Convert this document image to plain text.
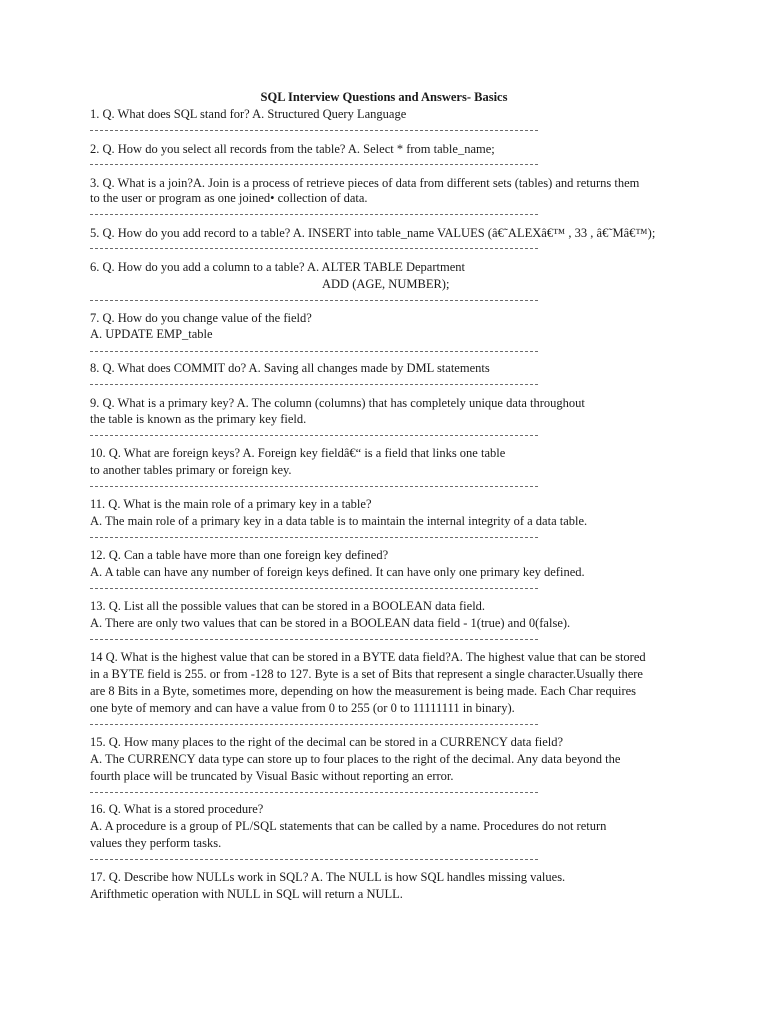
SQL Interview Questions and Answers- Basics
1. Q. What does SQL stand for? A. Structured Query Language
2. Q. How do you select all records from the table? A. Select * from table_name;
3. Q. What is a join?A. Join is a process of retrieve pieces of data from different sets (tables) and returns them
to the user or program as one joined• collection of data.
5. Q. How do you add record to a table? A. INSERT into table_name VALUES (â€˜ALEXâ€™ , 33 , â€˜Mâ€™);
6. Q. How do you add a column to a table? A. ALTER TABLE Department
ADD (AGE, NUMBER);
7. Q. How do you change value of the field?
A. UPDATE EMP_table
8. Q. What does COMMIT do? A. Saving all changes made by DML statements
9. Q. What is a primary key? A. The column (columns) that has completely unique data throughout
the table is known as the primary key field.
10. Q. What are foreign keys? A. Foreign key fieldâ€“ is a field that links one table
to another tables primary or foreign key.
11. Q. What is the main role of a primary key in a table?
A. The main role of a primary key in a data table is to maintain the internal integrity of a data table.
12. Q. Can a table have more than one foreign key defined?
A. A table can have any number of foreign keys defined. It can have only one primary key defined.
13. Q. List all the possible values that can be stored in a BOOLEAN data field.
A. There are only two values that can be stored in a BOOLEAN data field - 1(true) and 0(false).
14 Q. What is the highest value that can be stored in a BYTE data field?A. The highest value that can be stored
in a BYTE field is 255. or from -128 to 127. Byte is a set of Bits that represent a single character.Usually there
are 8 Bits in a Byte, sometimes more, depending on how the measurement is being made. Each Char requires
one byte of memory and can have a value from 0 to 255 (or 0 to 11111111 in binary).
15. Q. How many places to the right of the decimal can be stored in a CURRENCY data field?
A. The CURRENCY data type can store up to four places to the right of the decimal. Any data beyond the
fourth place will be truncated by Visual Basic without reporting an error.
16. Q. What is a stored procedure?
A. A procedure is a group of PL/SQL statements that can be called by a name. Procedures do not return
values they perform tasks.
17. Q. Describe how NULLs work in SQL? A. The NULL is how SQL handles missing values.
Arifthmetic operation with NULL in SQL will return a NULL.
